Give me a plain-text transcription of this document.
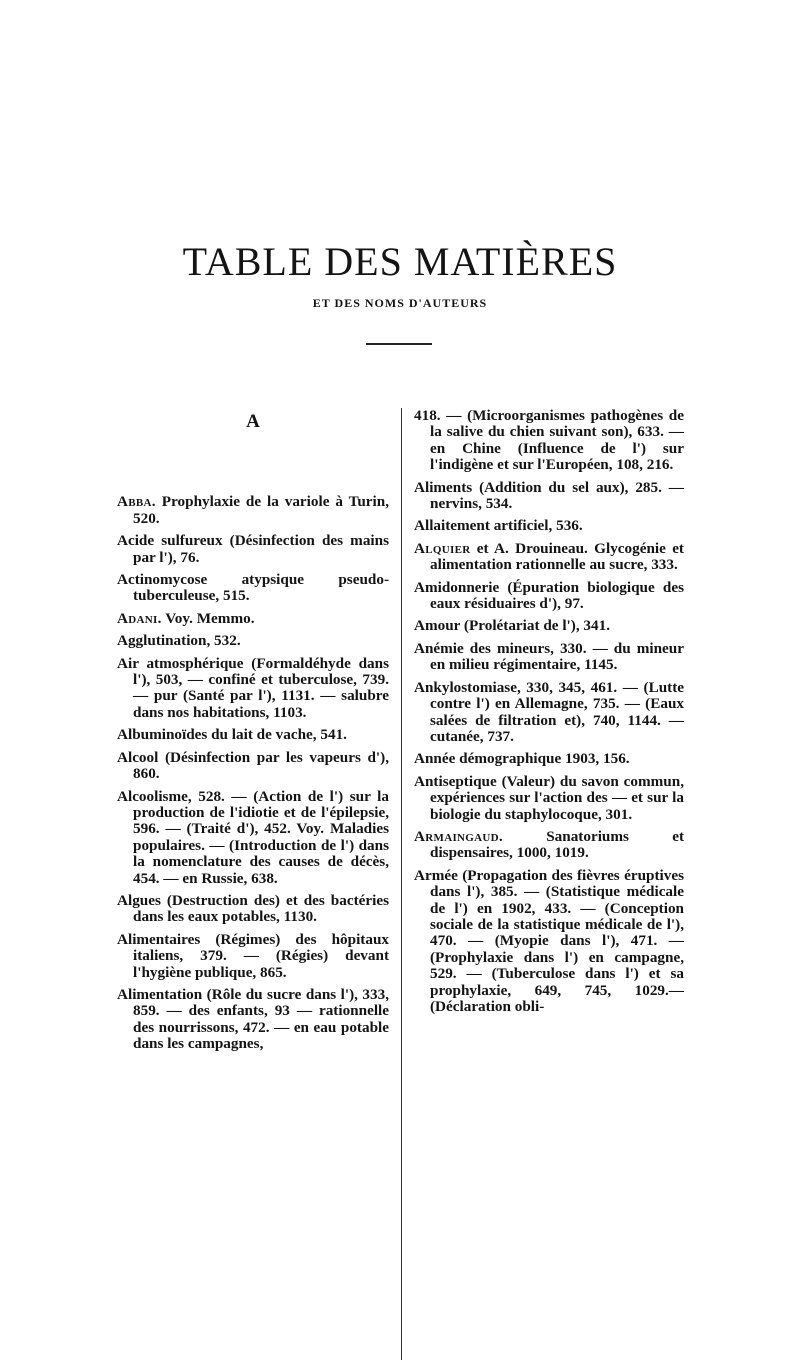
TABLE DES MATIÈRES
ET DES NOMS D'AUTEURS
A
Abba. Prophylaxie de la variole à Turin, 520.
Acide sulfureux (Désinfection des mains par l'), 76.
Actinomycose atypsique pseudo-tuberculeuse, 515.
Adani. Voy. Memmo.
Agglutination, 532.
Air atmosphérique (Formaldéhyde dans l'), 503, — confiné et tuberculose, 739. — pur (Santé par l'), 1131. — salubre dans nos habitations, 1103.
Albuminoïdes du lait de vache, 541.
Alcool (Désinfection par les vapeurs d'), 860.
Alcoolisme, 528. — (Action de l') sur la production de l'idiotie et de l'épilepsie, 596. — (Traité d'), 452. Voy. Maladies populaires. — (Introduction de l') dans la nomenclature des causes de décès, 454. — en Russie, 638.
Algues (Destruction des) et des bactéries dans les eaux potables, 1130.
Alimentaires (Régimes) des hôpitaux italiens, 379. — (Régies) devant l'hygiène publique, 865.
Alimentation (Rôle du sucre dans l'), 333, 859. — des enfants, 93 — rationnelle des nourrissons, 472. — en eau potable dans les campagnes,
418. — (Microorganismes pathogènes de la salive du chien suivant son), 633. — en Chine (Influence de l') sur l'indigène et sur l'Européen, 108, 216.
Aliments (Addition du sel aux), 285. — nervins, 534.
Allaitement artificiel, 536.
Alquier et A. Drouineau. Glycogénie et alimentation rationnelle au sucre, 333.
Amidonnerie (Épuration biologique des eaux résiduaires d'), 97.
Amour (Prolétariat de l'), 341.
Anémie des mineurs, 330. — du mineur en milieu régimentaire, 1145.
Ankylostomiase, 330, 345, 461. — (Lutte contre l') en Allemagne, 735. — (Eaux salées de filtration et), 740, 1144. — cutanée, 737.
Année démographique 1903, 156.
Antiseptique (Valeur) du savon commun, expériences sur l'action des — et sur la biologie du staphylocoque, 301.
Armaingaud. Sanatoriums et dispensaires, 1000, 1019.
Armée (Propagation des fièvres éruptives dans l'), 385. — (Statistique médicale de l') en 1902, 433. — (Conception sociale de la statistique médicale de l'), 470. — (Myopie dans l'), 471. — (Prophylaxie dans l') en campagne, 529. — (Tuberculose dans l') et sa prophylaxie, 649, 745, 1029.— (Déclaration obli-
